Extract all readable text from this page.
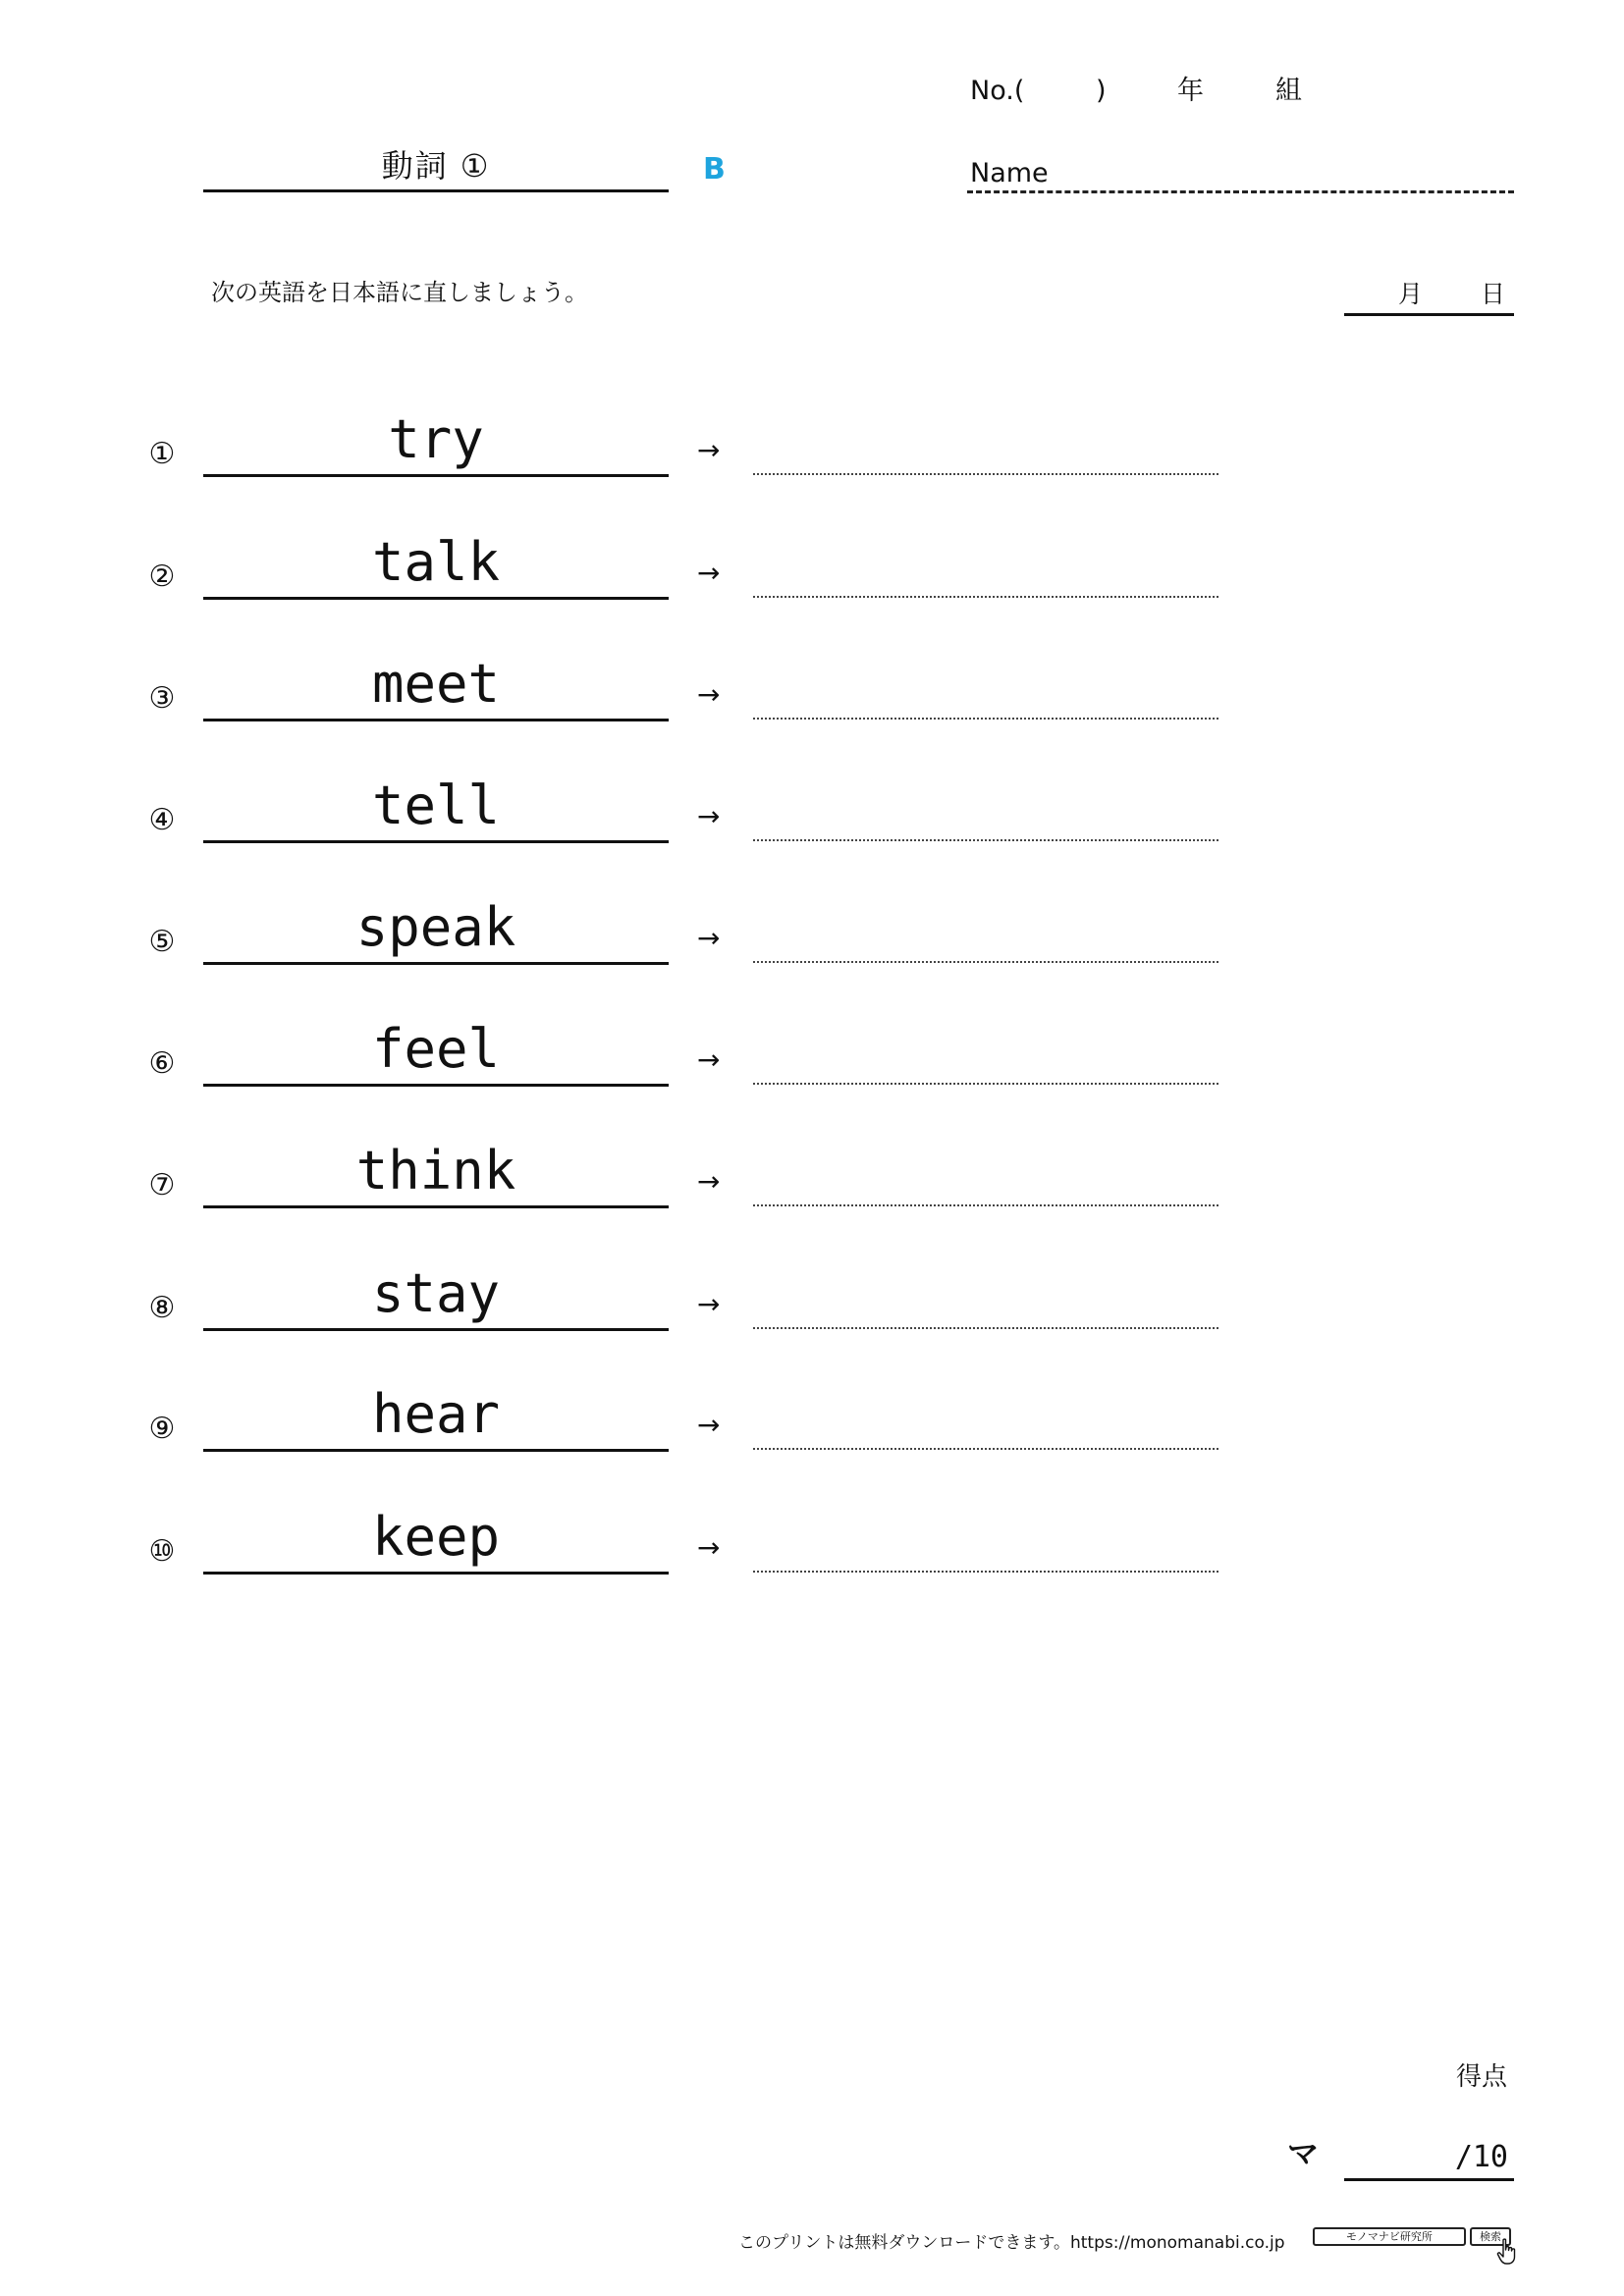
No.(	)	年	組
動詞 ①	B	Name
次の英語を日本語に直しましょう。	月 日
①	try	→
②	talk	→
③	meet	→
④	tell	→
⑤	speak	→
⑥	feel	→
⑦	think	→
⑧	stay	→
⑨	hear	→
⑩	keep	→
得点
マ	/10
このプリントは無料ダウンロードできます。https://monomanabi.co.jp	モノマナビ研究所	検索
